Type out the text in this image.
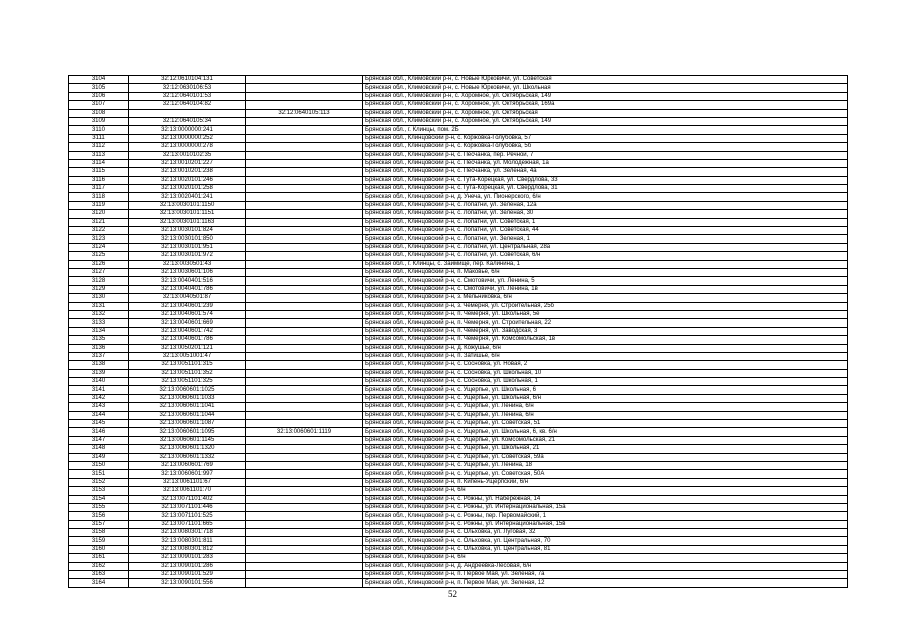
3104	32:12:0610104:131		Брянская обл., Климовский р-н, с. Новые Юрковичи, ул. Советская
3105	32:12:0630106:53		Брянская обл., Климовский р-н, с. Новые Юрковичи, ул. Школьная
3106	32:12:0640101:53		Брянская обл., Климовский р-н, с. Хоромное, ул. Октябрьская, 149
3107	32:12:0640104:82		Брянская обл., Климовский р-н, с. Хоромное, ул. Октябрьская, 169а
3108		32:12:0640105:113	Брянская обл., Климовский р-н, с. Хоромное, ул. Октябрьская
3109	32:12:0640105:34		Брянская обл., Климовский р-н, с. Хоромное, ул. Октябрьская, 149
3110	32:13:0000000:241		Брянская обл., г. Клинцы, пом. 2Б
3111	32:13:0000000:252		Брянская обл., Клинцовский р-н, с. Коржовка-Голубовка, 57
3112	32:13:0000000:278		Брянская обл., Клинцовский р-н, с. Коржовка-Голубовка, 5б
3113	32:13:0010102:35		Брянская обл., Клинцовский р-н, с. Песчанка, пер. Речной, 7
3114	32:13:0010201:227		Брянская обл., Клинцовский р-н, с. Песчанка, ул. Молодежная, 1а
3115	32:13:0010201:238		Брянская обл., Клинцовский р-н, с. Песчанка, ул. Зеленая, 4а
3116	32:13:0020101:246		Брянская обл., Клинцовский р-н, с. Гута-Корецкая, ул. Свердлова, 33
3117	32:13:0020101:258		Брянская обл., Клинцовский р-н, с. Гута-Корецкая, ул. Свердлова, 31
3118	32:13:0020401:241		Брянская обл., Клинцовский р-н, д. Унеча, ул. Пионерского, 6/н
3119	32:13:0030101:1150		Брянская обл., Клинцовский р-н, с. Лопатни, ул. Зеленая, 12а
3120	32:13:0030101:1151		Брянская обл., Клинцовский р-н, с. Лопатни, ул. Зеленая, 30
3121	32:13:0030101:1163		Брянская обл., Клинцовский р-н, с. Лопатни, ул. Советская, 1
3122	32:13:0030101:824		Брянская обл., Клинцовский р-н, с. Лопатни, ул. Советская, 44
3123	32:13:0030101:850		Брянская обл., Клинцовский р-н, с. Лопатни, ул. Зеленая, 1
3124	32:13:0030101:951		Брянская обл., Клинцовский р-н, с. Лопатни, ул. Центральная, 28а
3125	32:13:0030101:972		Брянская обл., Клинцовский р-н, с. Лопатни, ул. Советская, 6/н
3126	32:13:0030501:43		Брянская обл., г. Клинцы, с. Займище, пер. Калинина, 1
3127	32:13:0030601:106		Брянская обл., Клинцовский р-н, п. Маковье, 6/н
3128	32:13:0040401:516		Брянская обл., Клинцовский р-н, с. Смотовичи, ул. Ленина, 5
3129	32:13:0040401:786		Брянская обл., Клинцовский р-н, с. Смотовичи, ул. Ленина, 1в
3130	32:13:0040501:87		Брянская обл., Клинцовский р-н, з. Мельниковка, 6/н
3131	32:13:0040601:239		Брянская обл., Клинцовский р-н, з. Чемерня, ул. Строительная, 25б
3132	32:13:0040601:574		Брянская обл., Клинцовский р-н, п. Чемерня, ул. Школьная, 5е
3133	32:13:0040601:669		Брянская обл., Клинцовский р-н, п. Чемерня, ул. Строительная, 22
3134	32:13:0040601:742		Брянская обл., Клинцовский р-н, п. Чемерня, ул. Заводская, 3
3135	32:13:0040601:786		Брянская обл., Клинцовский р-н, п. Чемерня, ул. Комсомольская, 1в
3136	32:13:0050201:121		Брянская обл., Клинцовский р-н, д. Кожушье, 6/н
3137	32:13:0051001:47		Брянская обл., Клинцовский р-н, п. Затишье, 6/н
3138	32:13:0051101:315		Брянская обл., Клинцовский р-н, с. Сосновка, ул. Новая, 2
3139	32:13:0051101:352		Брянская обл., Клинцовский р-н, с. Сосновка, ул. Школьная, 10
3140	32:13:0051101:325		Брянская обл., Клинцовский р-н, с. Сосновка, ул. Школьная, 1
3141	32:13:0060601:1025		Брянская обл., Клинцовский р-н, с. Ущерпье, ул. Школьная, 6
3142	32:13:0060601:1033		Брянская обл., Клинцовский р-н, с. Ущерпье, ул. Школьная, 6/н
3143	32:13:0060601:1041		Брянская обл., Клинцовский р-н, с. Ущерпье, ул. Ленина, 6/н
3144	32:13:0060601:1044		Брянская обл., Клинцовский р-н, с. Ущерпье, ул. Ленина, 6/н
3145	32:13:0060601:1087		Брянская обл., Клинцовский р-н, с. Ущерпье, ул. Советская, 51
3146	32:13:0060601:1095	32:13:0060601:1119	Брянская обл., Клинцовский р-н, с. Ущерпье, ул. Школьная, 6, кв. 6/н
3147	32:13:0060601:1145		Брянская обл., Клинцовский р-н, с. Ущерпье, ул. Комсомольская, 21
3148	32:13:0060601:1320		Брянская обл., Клинцовский р-н, с. Ущерпье, ул. Школьная, 21
3149	32:13:0060601:1332		Брянская обл., Клинцовский р-н, с. Ущерпье, ул. Советская, 59а
3150	32:13:0060601:769		Брянская обл., Клинцовский р-н, с. Ущерпье, ул. Ленина, 18
3151	32:13:0060601:997		Брянская обл., Клинцовский р-н, с. Ущерпье, ул. Советская, 50А
3152	32:13:0061101:67		Брянская обл., Клинцовский р-н, п. Кипень-Ущерпский, 6/н
3153	32:13:0061101:70		Брянская обл., Клинцовский р-н, 6/н
3154	32:13:0071101:402		Брянская обл., Клинцовский р-н, с. Рожны, ул. Набережная, 14
3155	32:13:0071101:446		Брянская обл., Клинцовский р-н, с. Рожны, ул. Интернациональная, 15а
3156	32:13:0071101:525		Брянская обл., Клинцовский р-н, с. Рожны, пер. Первомайский, 1
3157	32:13:0071101:665		Брянская обл., Клинцовский р-н, с. Рожны, ул. Интернациональная, 15в
3158	32:13:0080301:718		Брянская обл., Клинцовский р-н, с. Ольховка, ул. Луговая, 32
3159	32:13:0080301:811		Брянская обл., Клинцовский р-н, с. Ольховка, ул. Центральная, 70
3160	32:13:0080301:812		Брянская обл., Клинцовский р-н, с. Ольховка, ул. Центральная, 81
3161	32:13:0090101:283		Брянская обл., Клинцовский р-н, 6/н
3162	32:13:0090101:286		Брянская обл., Клинцовский р-н, д. Андреевка-Лесовая, 6/н
3163	32:13:0090101:529		Брянская обл., Клинцовский р-н, п. Первое Мая, ул. Зеленая, 7а
3164	32:13:0090101:556		Брянская обл., Клинцовский р-н, п. Первое Мая, ул. Зеленая, 12
52
